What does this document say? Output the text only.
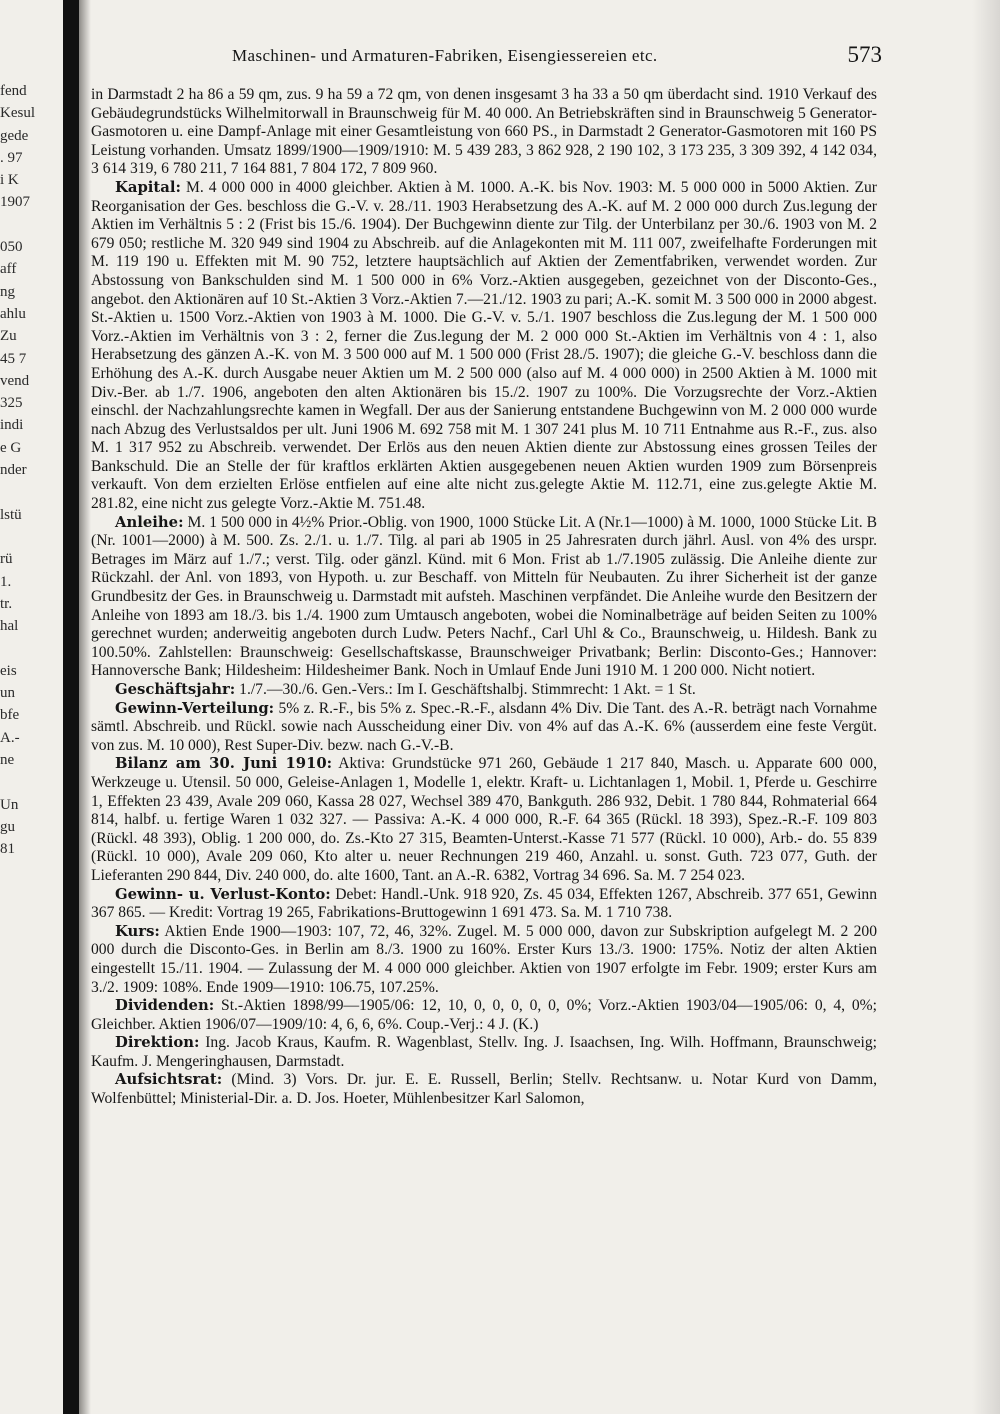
fend
Kesul
gede
. 97
i K
1907
050
aff
ng
ahlu
Zu
45 7
vend
325
indi
e G
nder
lstü
rü
1.
tr.
hal
eis
un
bfe
A.-
ne
Un
gu
81
Maschinen- und Armaturen-Fabriken, Eisengiessereien etc.	573

in Darmstadt 2 ha 86 a 59 qm, zus. 9 ha 59 a 72 qm, von denen insgesamt 3 ha 33 a 50 qm überdacht sind. 1910 Verkauf des Gebäudegrundstücks Wilhelmitorwall in Braunschweig für M. 40 000. An Betriebskräften sind in Braunschweig 5 Generator-Gasmotoren u. eine Dampf-Anlage mit einer Gesamtleistung von 660 PS., in Darmstadt 2 Generator-Gasmotoren mit 160 PS Leistung vorhanden. Umsatz 1899/1900—1909/1910: M. 5 439 283, 3 862 928, 2 190 102, 3 173 235, 3 309 392, 4 142 034, 3 614 319, 6 780 211, 7 164 881, 7 804 172, 7 809 960.

Kapital: M. 4 000 000 in 4000 gleichber. Aktien à M. 1000. A.-K. bis Nov. 1903: M. 5 000 000 in 5000 Aktien. Zur Reorganisation der Ges. beschloss die G.-V. v. 28./11. 1903 Herabsetzung des A.-K. auf M. 2 000 000 durch Zus.legung der Aktien im Verhältnis 5 : 2 (Frist bis 15./6. 1904). Der Buchgewinn diente zur Tilg. der Unterbilanz per 30./6. 1903 von M. 2 679 050; restliche M. 320 949 sind 1904 zu Abschreib. auf die Anlagekonten mit M. 111 007, zweifelhafte Forderungen mit M. 119 190 u. Effekten mit M. 90 752, letztere hauptsächlich auf Aktien der Zementfabriken, verwendet worden. Zur Abstossung von Bankschulden sind M. 1 500 000 in 6% Vorz.-Aktien ausgegeben, gezeichnet von der Disconto-Ges., angebot. den Aktionären auf 10 St.-Aktien 3 Vorz.-Aktien 7.—21./12. 1903 zu pari; A.-K. somit M. 3 500 000 in 2000 abgest. St.-Aktien u. 1500 Vorz.-Aktien von 1903 à M. 1000. Die G.-V. v. 5./1. 1907 beschloss die Zus.legung der M. 1 500 000 Vorz.-Aktien im Verhältnis von 3 : 2, ferner die Zus.legung der M. 2 000 000 St.-Aktien im Verhältnis von 4 : 1, also Herabsetzung des gänzen A.-K. von M. 3 500 000 auf M. 1 500 000 (Frist 28./5. 1907); die gleiche G.-V. beschloss dann die Erhöhung des A.-K. durch Ausgabe neuer Aktien um M. 2 500 000 (also auf M. 4 000 000) in 2500 Aktien à M. 1000 mit Div.-Ber. ab 1./7. 1906, angeboten den alten Aktionären bis 15./2. 1907 zu 100%. Die Vorzugsrechte der Vorz.-Aktien einschl. der Nachzahlungsrechte kamen in Wegfall. Der aus der Sanierung entstandene Buchgewinn von M. 2 000 000 wurde nach Abzug des Verlustsaldos per ult. Juni 1906 M. 692 758 mit M. 1 307 241 plus M. 10 711 Entnahme aus R.-F., zus. also M. 1 317 952 zu Abschreib. verwendet. Der Erlös aus den neuen Aktien diente zur Abstossung eines grossen Teiles der Bankschuld. Die an Stelle der für kraftlos erklärten Aktien ausgegebenen neuen Aktien wurden 1909 zum Börsenpreis verkauft. Von dem erzielten Erlöse entfielen auf eine alte nicht zus.gelegte Aktie M. 112.71, eine zus.gelegte Aktie M. 281.82, eine nicht zus gelegte Vorz.-Aktie M. 751.48.

Anleihe: M. 1 500 000 in 4½% Prior.-Oblig. von 1900, 1000 Stücke Lit. A (Nr.1—1000) à M. 1000, 1000 Stücke Lit. B (Nr. 1001—2000) à M. 500. Zs. 2./1. u. 1./7. Tilg. al pari ab 1905 in 25 Jahresraten durch jährl. Ausl. von 4% des urspr. Betrages im März auf 1./7.; verst. Tilg. oder gänzl. Künd. mit 6 Mon. Frist ab 1./7.1905 zulässig. Die Anleihe diente zur Rückzahl. der Anl. von 1893, von Hypoth. u. zur Beschaff. von Mitteln für Neubauten. Zu ihrer Sicherheit ist der ganze Grundbesitz der Ges. in Braunschweig u. Darmstadt mit aufsteh. Maschinen verpfändet. Die Anleihe wurde den Besitzern der Anleihe von 1893 am 18./3. bis 1./4. 1900 zum Umtausch angeboten, wobei die Nominalbeträge auf beiden Seiten zu 100% gerechnet wurden; anderweitig angeboten durch Ludw. Peters Nachf., Carl Uhl & Co., Braunschweig, u. Hildesh. Bank zu 100.50%. Zahlstellen: Braunschweig: Gesellschaftskasse, Braunschweiger Privatbank; Berlin: Disconto-Ges.; Hannover: Hannoversche Bank; Hildesheim: Hildesheimer Bank. Noch in Umlauf Ende Juni 1910 M. 1 200 000. Nicht notiert.

Geschäftsjahr: 1./7.—30./6. Gen.-Vers.: Im I. Geschäftshalbj. Stimmrecht: 1 Akt. = 1 St.

Gewinn-Verteilung: 5% z. R.-F., bis 5% z. Spec.-R.-F., alsdann 4% Div. Die Tant. des A.-R. beträgt nach Vornahme sämtl. Abschreib. und Rückl. sowie nach Ausscheidung einer Div. von 4% auf das A.-K. 6% (ausserdem eine feste Vergüt. von zus. M. 10 000), Rest Super-Div. bezw. nach G.-V.-B.

Bilanz am 30. Juni 1910: Aktiva: Grundstücke 971 260, Gebäude 1 217 840, Masch. u. Apparate 600 000, Werkzeuge u. Utensil. 50 000, Geleise-Anlagen 1, Modelle 1, elektr. Kraft- u. Lichtanlagen 1, Mobil. 1, Pferde u. Geschirre 1, Effekten 23 439, Avale 209 060, Kassa 28 027, Wechsel 389 470, Bankguth. 286 932, Debit. 1 780 844, Rohmaterial 664 814, halbf. u. fertige Waren 1 032 327. — Passiva: A.-K. 4 000 000, R.-F. 64 365 (Rückl. 18 393), Spez.-R.-F. 109 803 (Rückl. 48 393), Oblig. 1 200 000, do. Zs.-Kto 27 315, Beamten-Unterst.-Kasse 71 577 (Rückl. 10 000), Arb.- do. 55 839 (Rückl. 10 000), Avale 209 060, Kto alter u. neuer Rechnungen 219 460, Anzahl. u. sonst. Guth. 723 077, Guth. der Lieferanten 290 844, Div. 240 000, do. alte 1600, Tant. an A.-R. 6382, Vortrag 34 696. Sa. M. 7 254 023.

Gewinn- u. Verlust-Konto: Debet: Handl.-Unk. 918 920, Zs. 45 034, Effekten 1267, Abschreib. 377 651, Gewinn 367 865. — Kredit: Vortrag 19 265, Fabrikations-Bruttogewinn 1 691 473. Sa. M. 1 710 738.

Kurs: Aktien Ende 1900—1903: 107, 72, 46, 32%. Zugel. M. 5 000 000, davon zur Subskription aufgelegt M. 2 200 000 durch die Disconto-Ges. in Berlin am 8./3. 1900 zu 160%. Erster Kurs 13./3. 1900: 175%. Notiz der alten Aktien eingestellt 15./11. 1904. — Zulassung der M. 4 000 000 gleichber. Aktien von 1907 erfolgte im Febr. 1909; erster Kurs am 3./2. 1909: 108%. Ende 1909—1910: 106.75, 107.25%.

Dividenden: St.-Aktien 1898/99—1905/06: 12, 10, 0, 0, 0, 0, 0, 0%; Vorz.-Aktien 1903/04—1905/06: 0, 4, 0%; Gleichber. Aktien 1906/07—1909/10: 4, 6, 6, 6%. Coup.-Verj.: 4 J. (K.)

Direktion: Ing. Jacob Kraus, Kaufm. R. Wagenblast, Stellv. Ing. J. Isaachsen, Ing. Wilh. Hoffmann, Braunschweig; Kaufm. J. Mengeringhausen, Darmstadt.

Aufsichtsrat: (Mind. 3) Vors. Dr. jur. E. E. Russell, Berlin; Stellv. Rechtsanw. u. Notar Kurd von Damm, Wolfenbüttel; Ministerial-Dir. a. D. Jos. Hoeter, Mühlenbesitzer Karl Salomon,
